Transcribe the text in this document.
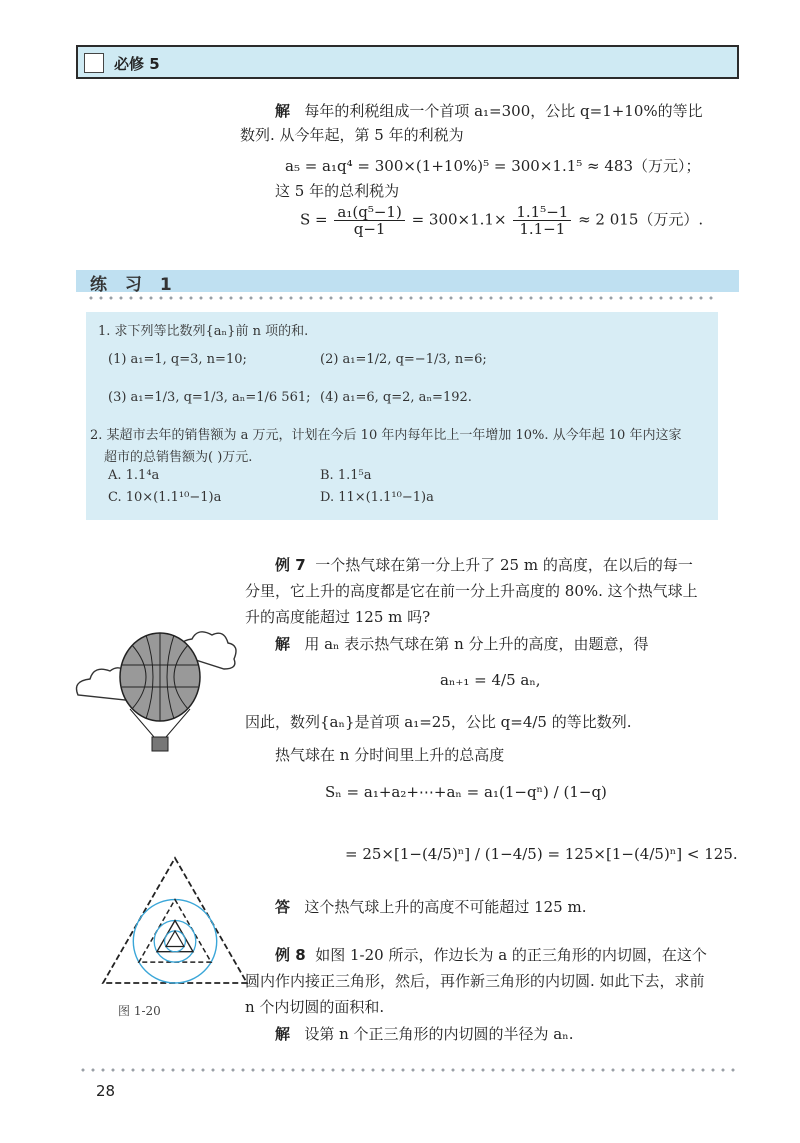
必修 5
解 每年的利税组成一个首项 a₁=300，公比 q=1+10%的等比
数列. 从今年起，第 5 年的利税为
a₅ = a₁q⁴ = 300×(1+10%)⁵ = 300×1.1⁵ ≈ 483（万元）；
这 5 年的总利税为
$S = \frac{\text{a₁(q⁵−1)}}{q-1} = 300\times 1.1\times \frac{\text{1.1⁵−1}}{1.1-1} \approx 2$ 015（万元）.
练 习 1
1. 求下列等比数列{aₙ}前 n 项的和.
(1) a₁=1, q=3, n=10;	(2) a₁=1/2, q=−1/3, n=6;
(3) a₁=1/3, q=1/3, aₙ=1/6 561; (4) a₁=6, q=2, aₙ=192.
2. 某超市去年的销售额为 a 万元，计划在今后 10 年内每年比上一年增加 10%. 从今年起 10 年内这家
超市的总销售额为( )万元.
A. 1.1⁴a	B. 1.1⁵a
C. 10×(1.1¹⁰−1)a	D. 11×(1.1¹⁰−1)a
例 7 一个热气球在第一分上升了 25 m 的高度，在以后的每一
分里，它上升的高度都是它在前一分上升高度的 80%. 这个热气球上
升的高度能超过 125 m 吗?
解 用 aₙ 表示热气球在第 n 分上升的高度，由题意，得
aₙ₊₁ = 4/5 aₙ,
因此，数列{aₙ}是首项 a₁=25，公比 q=4/5 的等比数列.
热气球在 n 分时间里上升的总高度
Sₙ = a₁+a₂+⋯+aₙ = a₁(1−qⁿ) / (1−q)
= 25×[1−(4/5)ⁿ] / (1−4/5) = 125×[1−(4/5)ⁿ] < 125.
答 这个热气球上升的高度不可能超过 125 m.
图 1-20
例 8 如图 1-20 所示，作边长为 a 的正三角形的内切圆，在这个
圆内作内接正三角形，然后，再作新三角形的内切圆. 如此下去，求前
n 个内切圆的面积和.
解 设第 n 个正三角形的内切圆的半径为 aₙ.
28
